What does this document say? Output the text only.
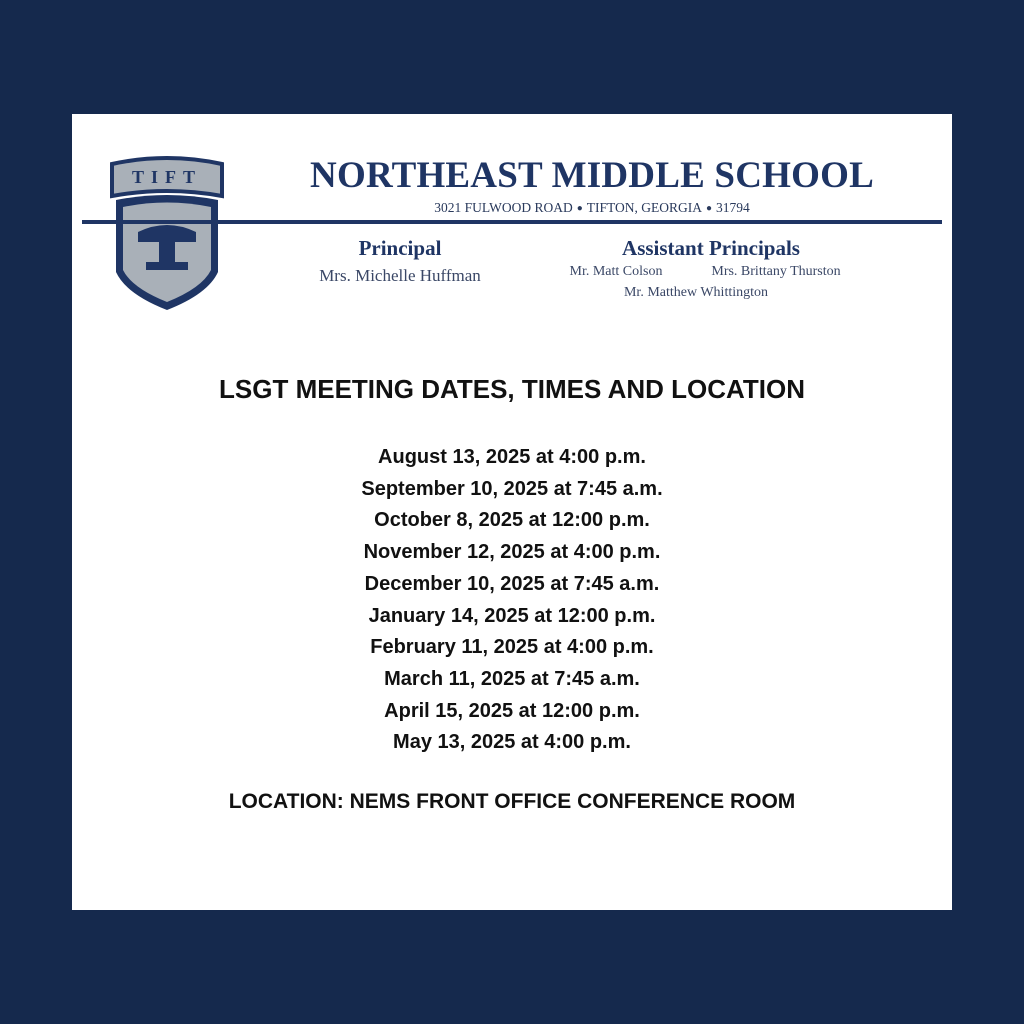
TIFT	NORTHEAST MIDDLE SCHOOL
3021 FULWOOD ROAD ● TIFTON, GEORGIA ● 31794
Principal
Mrs. Michelle Huffman
Assistant Principals
Mr. Matt Colson	Mrs. Brittany Thurston
Mr. Matthew Whittington
LSGT MEETING DATES, TIMES AND LOCATION
August 13, 2025 at 4:00 p.m.
September 10, 2025 at 7:45 a.m.
October 8, 2025 at 12:00 p.m.
November 12, 2025 at 4:00 p.m.
December 10, 2025 at 7:45 a.m.
January 14, 2025 at 12:00 p.m.
February 11, 2025 at 4:00 p.m.
March 11, 2025 at 7:45 a.m.
April 15, 2025 at 12:00 p.m.
May 13, 2025 at 4:00 p.m.
LOCATION: NEMS FRONT OFFICE CONFERENCE ROOM
